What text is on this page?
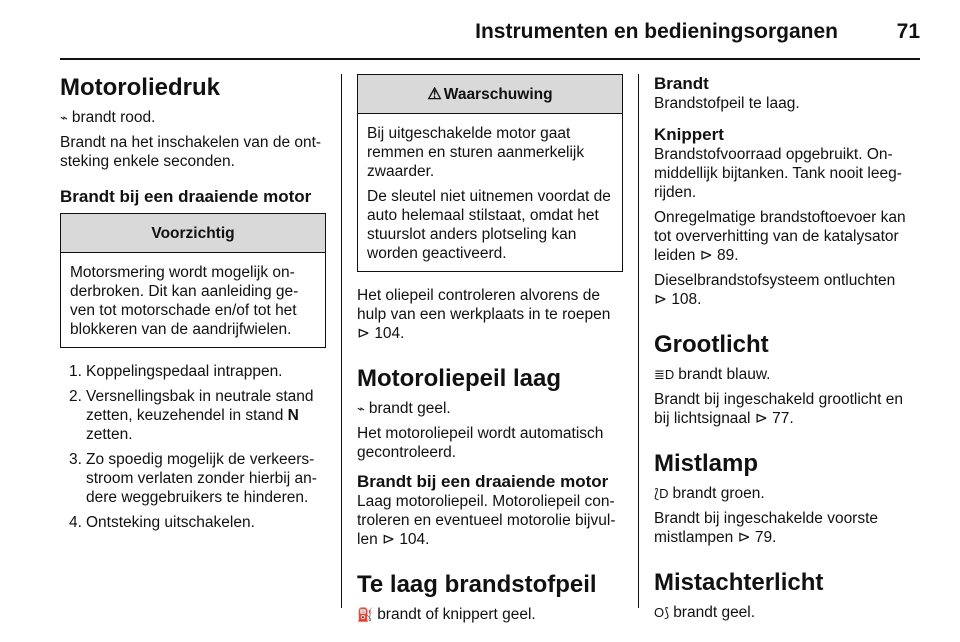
Instrumenten en bedieningsorganen	71
Motoroliedruk

⌁ brandt rood.

Brandt na het inschakelen van de ont-steking enkele seconden.

Brandt bij een draaiende motor
Voorzichtig

Motorsmering wordt mogelijk on-derbroken. Dit kan aanleiding ge-ven tot motorschade en/of tot het blokkeren van de aandrijfwielen.

1. Koppelingspedaal intrappen.
2. Versnellingsbak in neutrale stand zetten, keuzehendel in stand N zetten.
3. Zo spoedig mogelijk de verkeers-stroom verlaten zonder hierbij an-dere weggebruikers te hinderen.
4. Ontsteking uitschakelen.
⚠ Waarschuwing

Bij uitgeschakelde motor gaat remmen en sturen aanmerkelijk zwaarder.

De sleutel niet uitnemen voordat de auto helemaal stilstaat, omdat het stuurslot anders plotseling kan worden geactiveerd.

Het oliepeil controleren alvorens de hulp van een werkplaats in te roepen ⊳ 104.

Motoroliepeil laag

⌁ brandt geel.

Het motoroliepeil wordt automatisch gecontroleerd.

Brandt bij een draaiende motor

Laag motoroliepeil. Motoroliepeil con-troleren en eventueel motorolie bijvul-len ⊳ 104.

Te laag brandstofpeil

⛽ brandt of knippert geel.

Brandt

Brandstofpeil te laag.

Knippert

Brandstofvoorraad opgebruikt. On-middellijk bijtanken. Tank nooit leeg-rijden.

Onregelmatige brandstoftoevoer kan tot oververhitting van de katalysator leiden ⊳ 89.

Dieselbrandstofsysteem ontluchten
⊳ 108.

Grootlicht

≣D brandt blauw.

Brandt bij ingeschakeld grootlicht en bij lichtsignaal ⊳ 77.

Mistlamp

⟅D brandt groen.

Brandt bij ingeschakelde voorste mistlampen ⊳ 79.

Mistachterlicht

O⟆ brandt geel.
